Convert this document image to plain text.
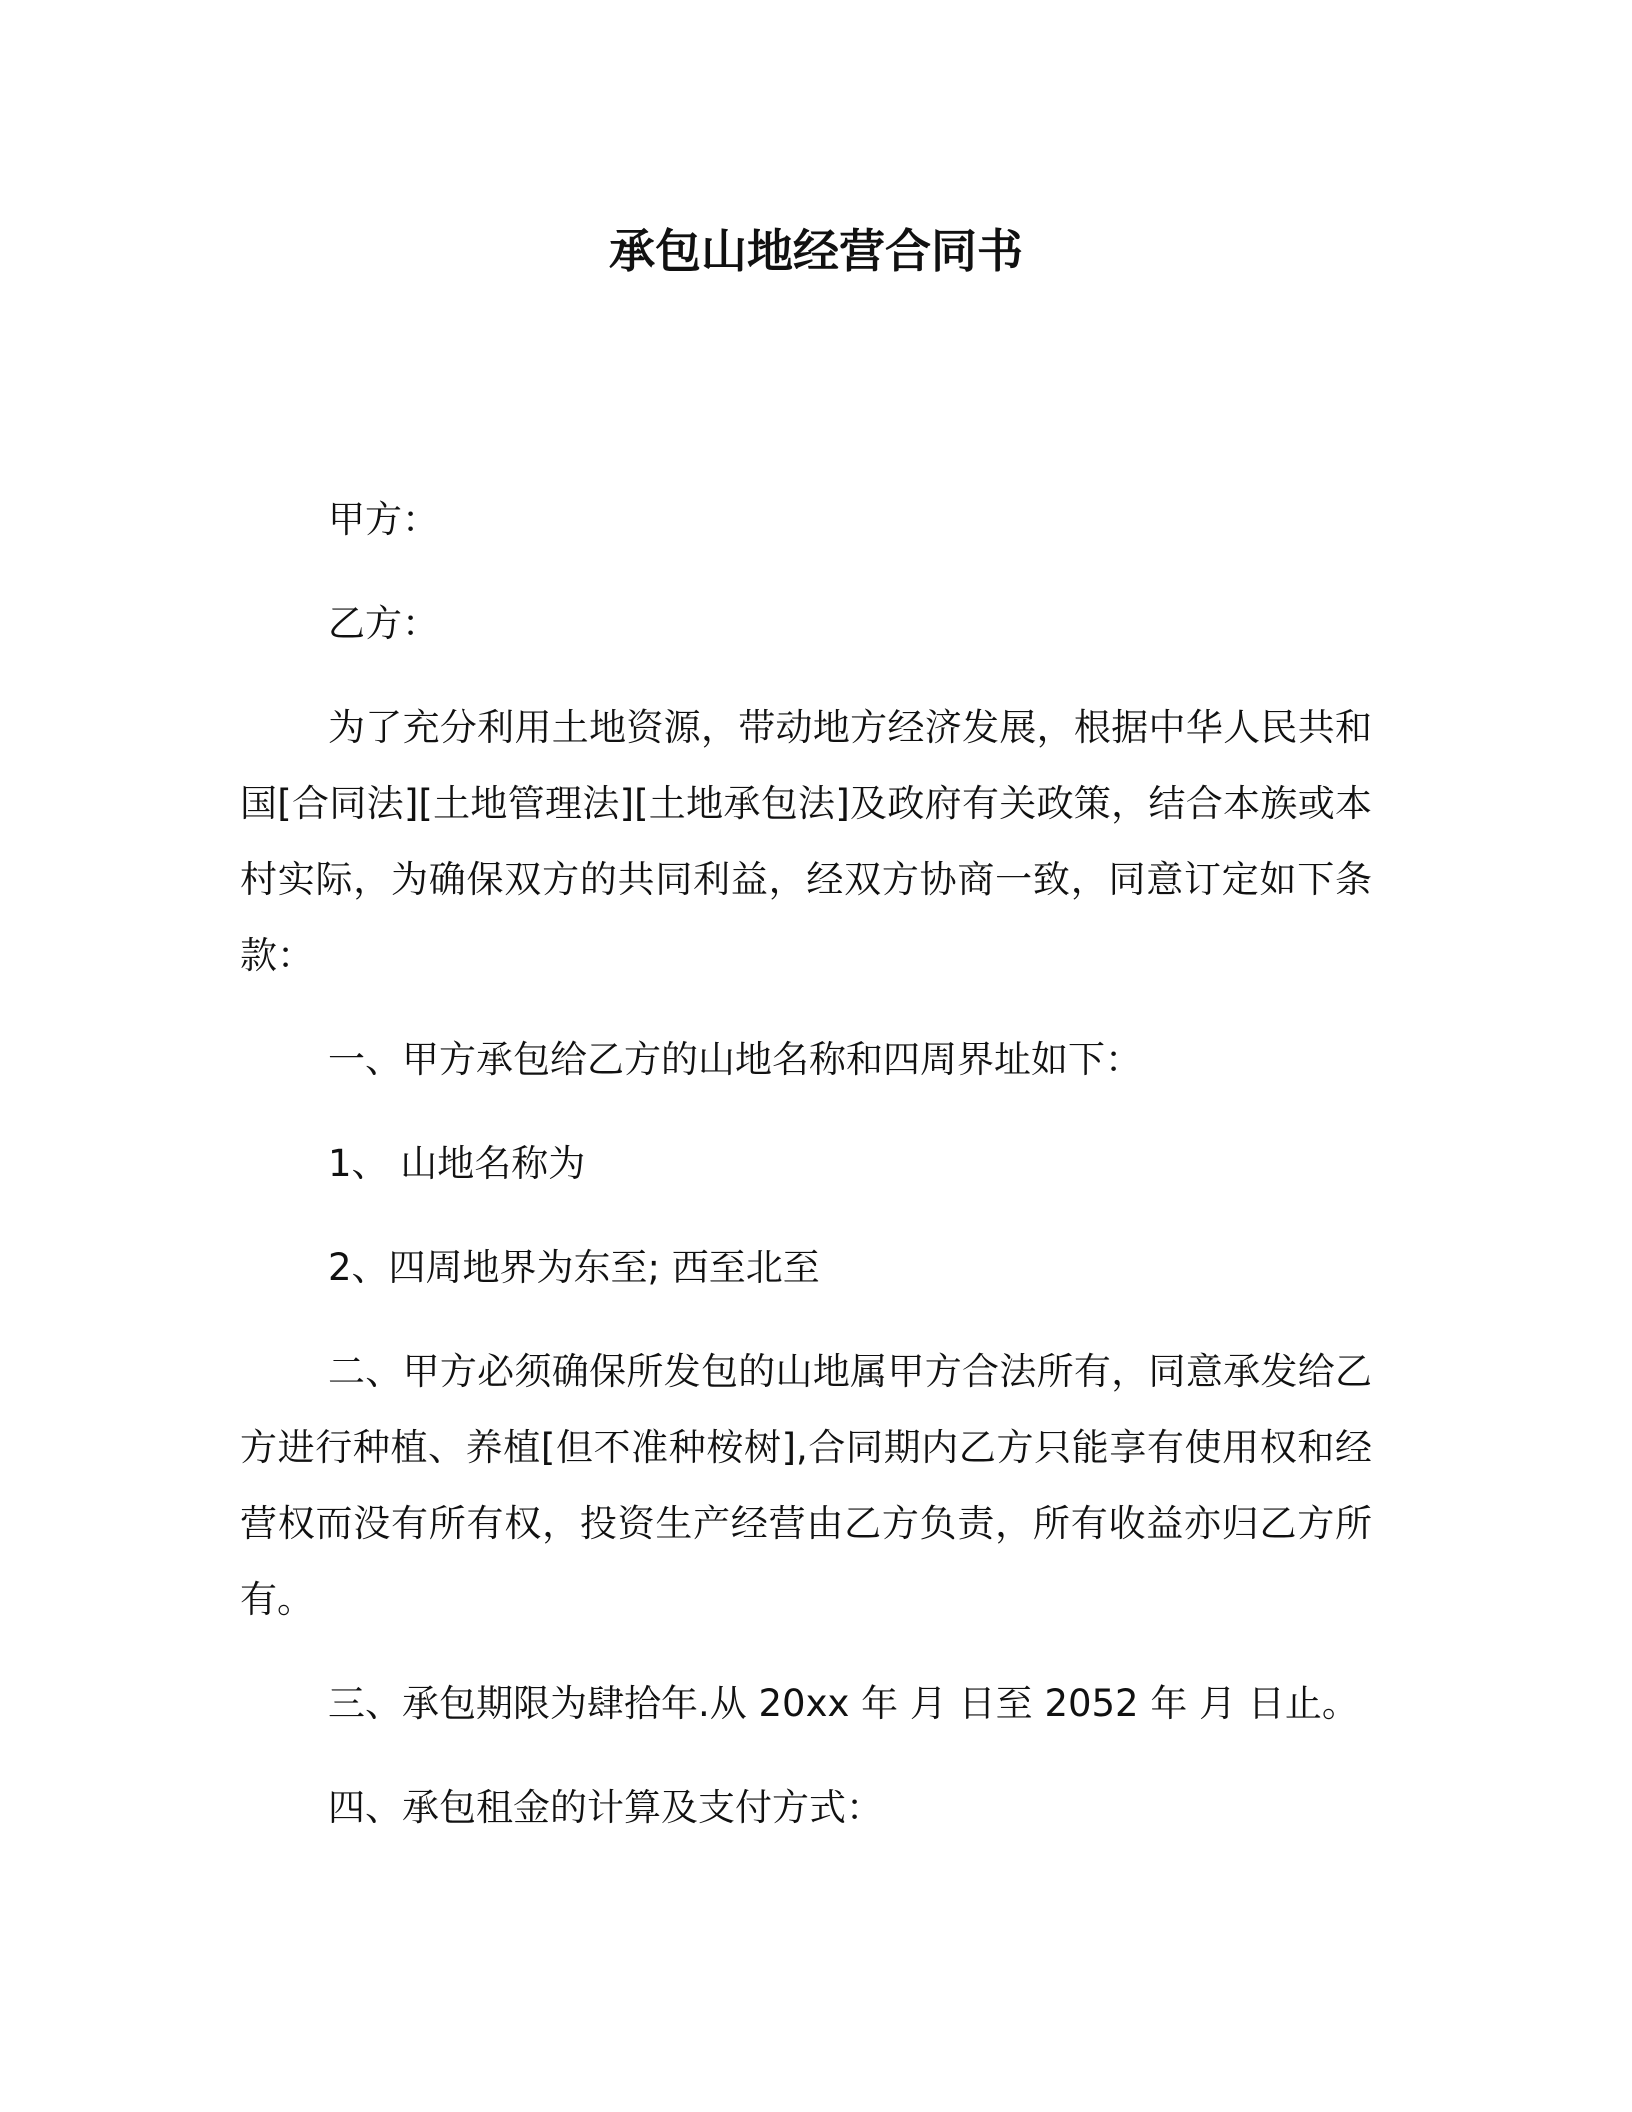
承包山地经营合同书

甲方：

乙方：

为了充分利用土地资源，带动地方经济发展，根据中华人民共和国[合同法][土地管理法][土地承包法]及政府有关政策，结合本族或本村实际，为确保双方的共同利益，经双方协商一致，同意订定如下条款：

一、甲方承包给乙方的山地名称和四周界址如下：

1、 山地名称为

2、四周地界为东至; 西至北至

二、甲方必须确保所发包的山地属甲方合法所有，同意承发给乙方进行种植、养植[但不准种桉树],合同期内乙方只能享有使用权和经营权而没有所有权，投资生产经营由乙方负责，所有收益亦归乙方所有。

三、承包期限为肆拾年.从 20xx 年 月 日至 2052 年 月 日止。

四、承包租金的计算及支付方式：
